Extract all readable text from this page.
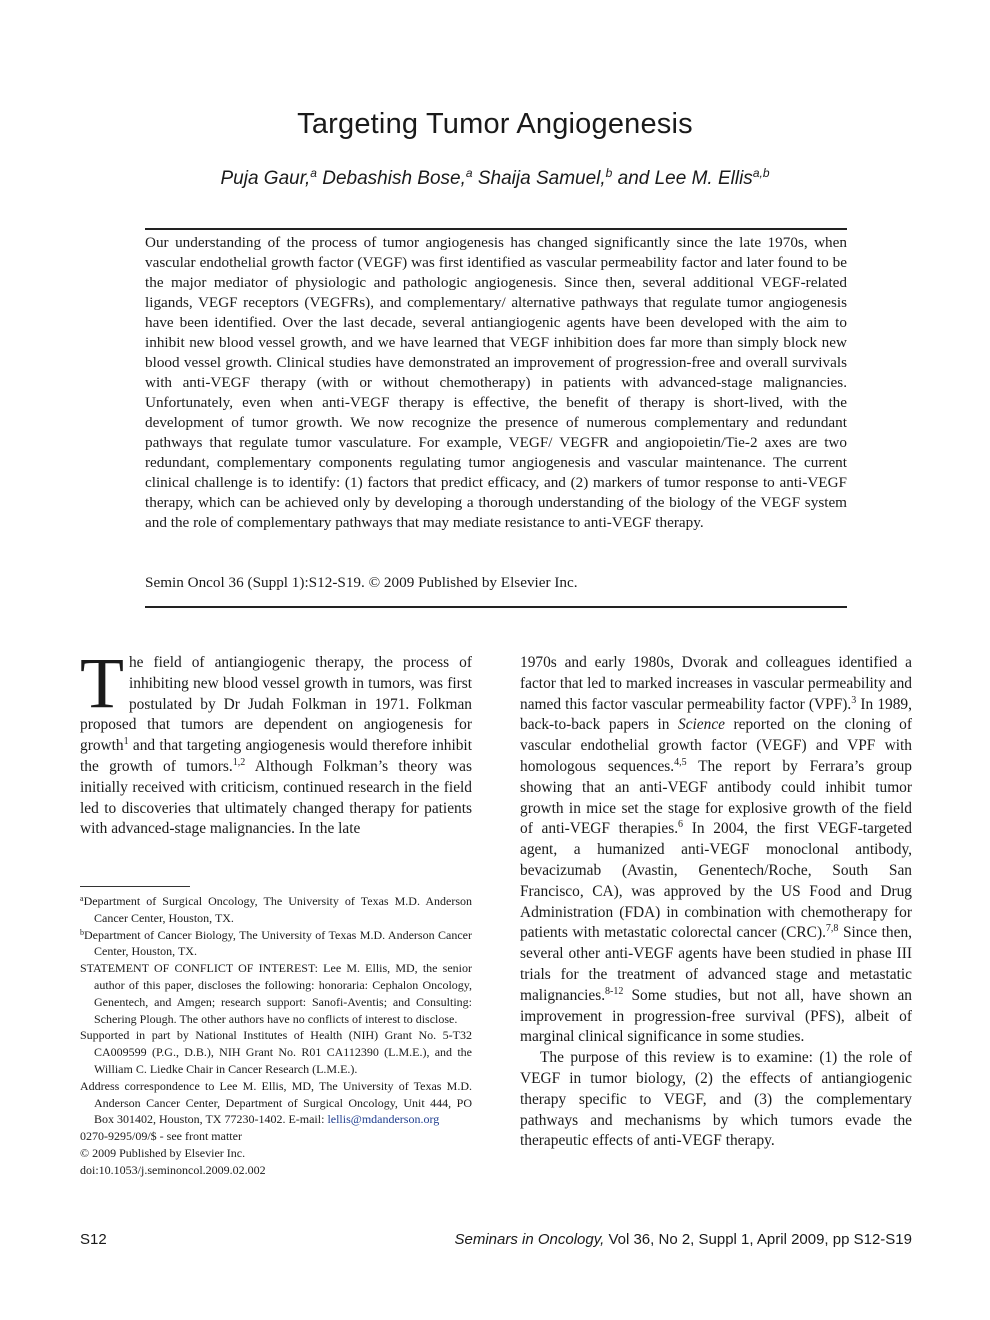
Targeting Tumor Angiogenesis
Puja Gaur,$^a$ Debashish Bose,$^a$ Shaija Samuel,$^b$ and Lee M. Ellis$^{a,b}$

Our understanding of the process of tumor angiogenesis has changed significantly since the late 1970s, when vascular endothelial growth factor (VEGF) was first identified as vascular permeability factor and later found to be the major mediator of physiologic and pathologic angiogenesis. Since then, several additional VEGF-related ligands, VEGF receptors (VEGFRs), and complementary/ alternative pathways that regulate tumor angiogenesis have been identified. Over the last decade, several antiangiogenic agents have been developed with the aim to inhibit new blood vessel growth, and we have learned that VEGF inhibition does far more than simply block new blood vessel growth. Clinical studies have demonstrated an improvement of progression-free and overall survivals with anti-VEGF therapy (with or without chemotherapy) in patients with advanced-stage malignancies. Unfortunately, even when anti-VEGF therapy is effective, the benefit of therapy is short-lived, with the development of tumor growth. We now recognize the presence of numerous complementary and redundant pathways that regulate tumor vasculature. For example, VEGF/ VEGFR and angiopoietin/Tie-2 axes are two redundant, complementary components regulating tumor angiogenesis and vascular maintenance. The current clinical challenge is to identify: (1) factors that predict efficacy, and (2) markers of tumor response to anti-VEGF therapy, which can be achieved only by developing a thorough understanding of the biology of the VEGF system and the role of complementary pathways that may mediate resistance to anti-VEGF therapy.

Semin Oncol 36 (Suppl 1):S12-S19. © 2009 Published by Elsevier Inc.

The field of antiangiogenic therapy, the process of inhibiting new blood vessel growth in tumors, was first postulated by Dr Judah Folkman in 1971. Folkman proposed that tumors are dependent on angiogenesis for growth$^1$ and that targeting angiogenesis would therefore inhibit the growth of tumors.$^{1,2}$ Although Folkman’s theory was initially received with criticism, continued research in the field led to discoveries that ultimately changed therapy for patients with advanced-stage malignancies. In the late

$^a$Department of Surgical Oncology, The University of Texas M.D. Anderson Cancer Center, Houston, TX.

$^b$Department of Cancer Biology, The University of Texas M.D. Anderson Cancer Center, Houston, TX.

STATEMENT OF CONFLICT OF INTEREST: Lee M. Ellis, MD, the senior author of this paper, discloses the following: honoraria: Cephalon Oncology, Genentech, and Amgen; research support: Sanofi-Aventis; and Consulting: Schering Plough. The other authors have no conflicts of interest to disclose.

Supported in part by National Institutes of Health (NIH) Grant No. 5-T32 CA009599 (P.G., D.B.), NIH Grant No. R01 CA112390 (L.M.E.), and the William C. Liedke Chair in Cancer Research (L.M.E.).

Address correspondence to Lee M. Ellis, MD, The University of Texas M.D. Anderson Cancer Center, Department of Surgical Oncology, Unit 444, PO Box 301402, Houston, TX 77230-1402. E-mail: lellis@mdanderson.org

0270-9295/09/$ - see front matter

© 2009 Published by Elsevier Inc.

doi:10.1053/j.seminoncol.2009.02.002

1970s and early 1980s, Dvorak and colleagues identified a factor that led to marked increases in vascular permeability and named this factor vascular permeability factor (VPF).$^3$ In 1989, back-to-back papers in Science reported on the cloning of vascular endothelial growth factor (VEGF) and VPF with homologous sequences.$^{4,5}$ The report by Ferrara’s group showing that an anti-VEGF antibody could inhibit tumor growth in mice set the stage for explosive growth of the field of anti-VEGF therapies.$^6$ In 2004, the first VEGF-targeted agent, a humanized anti-VEGF monoclonal antibody, bevacizumab (Avastin, Genentech/Roche, South San Francisco, CA), was approved by the US Food and Drug Administration (FDA) in combination with chemotherapy for patients with metastatic colorectal cancer (CRC).$^{7,8}$ Since then, several other anti-VEGF agents have been studied in phase III trials for the treatment of advanced stage and metastatic malignancies.$^{8-12}$ Some studies, but not all, have shown an improvement in progression-free survival (PFS), albeit of marginal clinical significance in some studies.

The purpose of this review is to examine: (1) the role of VEGF in tumor biology, (2) the effects of antiangiogenic therapy specific to VEGF, and (3) the complementary pathways and mechanisms by which tumors evade the therapeutic effects of anti-VEGF therapy.

S12	Seminars in Oncology, Vol 36, No 2, Suppl 1, April 2009, pp S12-S19
